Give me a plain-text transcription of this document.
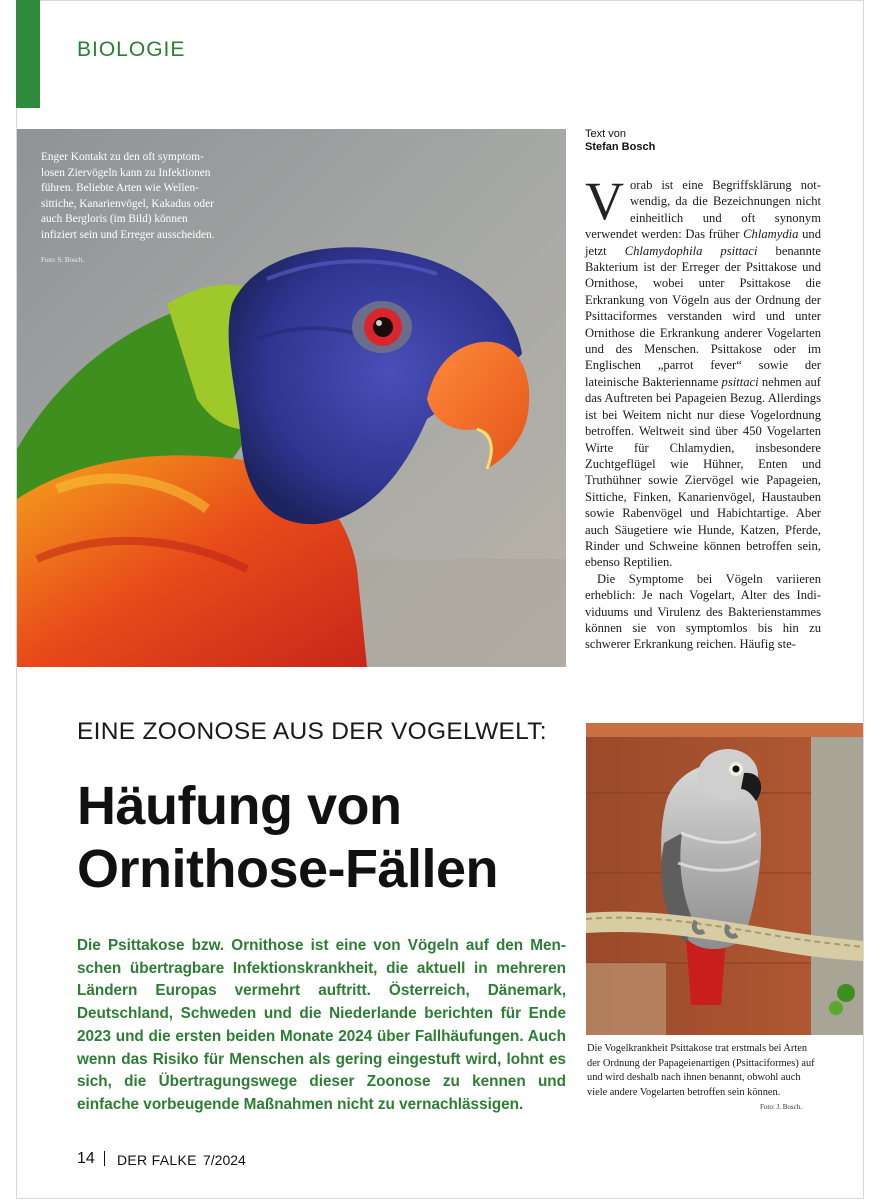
BIOLOGIE
Enger Kontakt zu den oft symptomlosen Ziervögeln kann zu Infektionen führen. Beliebte Arten wie Wellensittiche, Kanarienvögel, Kakadus oder auch Bergloris (im Bild) können infiziert sein und Erreger ausscheiden.
Foto: S. Bosch.
Text von
Stefan Bosch

Vorab ist eine Begriffsklärung notwendig, da die Bezeichnungen nicht einheitlich und oft synonym verwendet werden: Das früher Chlamydia und jetzt Chlamydophila psittaci benannte Bakterium ist der Erreger der Psittakose und Ornithose, wobei unter Psittakose die Erkrankung von Vögeln aus der Ordnung der Psittaciformes verstanden wird und unter Ornithose die Erkrankung anderer Vogelarten und des Menschen. Psittakose oder im Englischen „parrot fever“ sowie der lateinische Bakterienname psittaci nehmen auf das Auftreten bei Papageien Bezug. Allerdings ist bei Weitem nicht nur diese Vogelordnung betroffen. Weltweit sind über 450 Vogelarten Wirte für Chlamydien, insbesondere Zuchtgeflügel wie Hühner, Enten und Truthühner sowie Ziervögel wie Papageien, Sittiche, Finken, Kanarienvögel, Haustauben sowie Rabenvögel und Habichtartige. Aber auch Säugetiere wie Hunde, Katzen, Pferde, Rinder und Schweine können betroffen sein, ebenso Reptilien.

Die Symptome bei Vögeln variieren erheblich: Je nach Vogelart, Alter des Individuums und Virulenz des Bakterienstammes können sie von symptomlos bis hin zu schwerer Erkrankung reichen. Häufig ste-

EINE ZOONOSE AUS DER VOGELWELT:
Häufung von
Ornithose-Fällen
Die Psittakose bzw. Ornithose ist eine von Vögeln auf den Menschen übertragbare Infektionskrankheit, die aktuell in mehreren Ländern Europas vermehrt auftritt. Österreich, Dänemark, Deutschland, Schweden und die Niederlande berichten für Ende 2023 und die ersten beiden Monate 2024 über Fallhäufungen. Auch wenn das Risiko für Menschen als gering eingestuft wird, lohnt es sich, die Übertragungswege dieser Zoonose zu kennen und einfache vorbeugende Maßnahmen nicht zu vernachlässigen.
Die Vogelkrankheit Psittakose trat erstmals bei Arten der Ordnung der Papageienartigen (Psittaciformes) auf und wird deshalb nach ihnen benannt, obwohl auch viele andere Vogelarten betroffen sein können.
Foto: J. Bosch.
14 DER FALKE 7/2024
